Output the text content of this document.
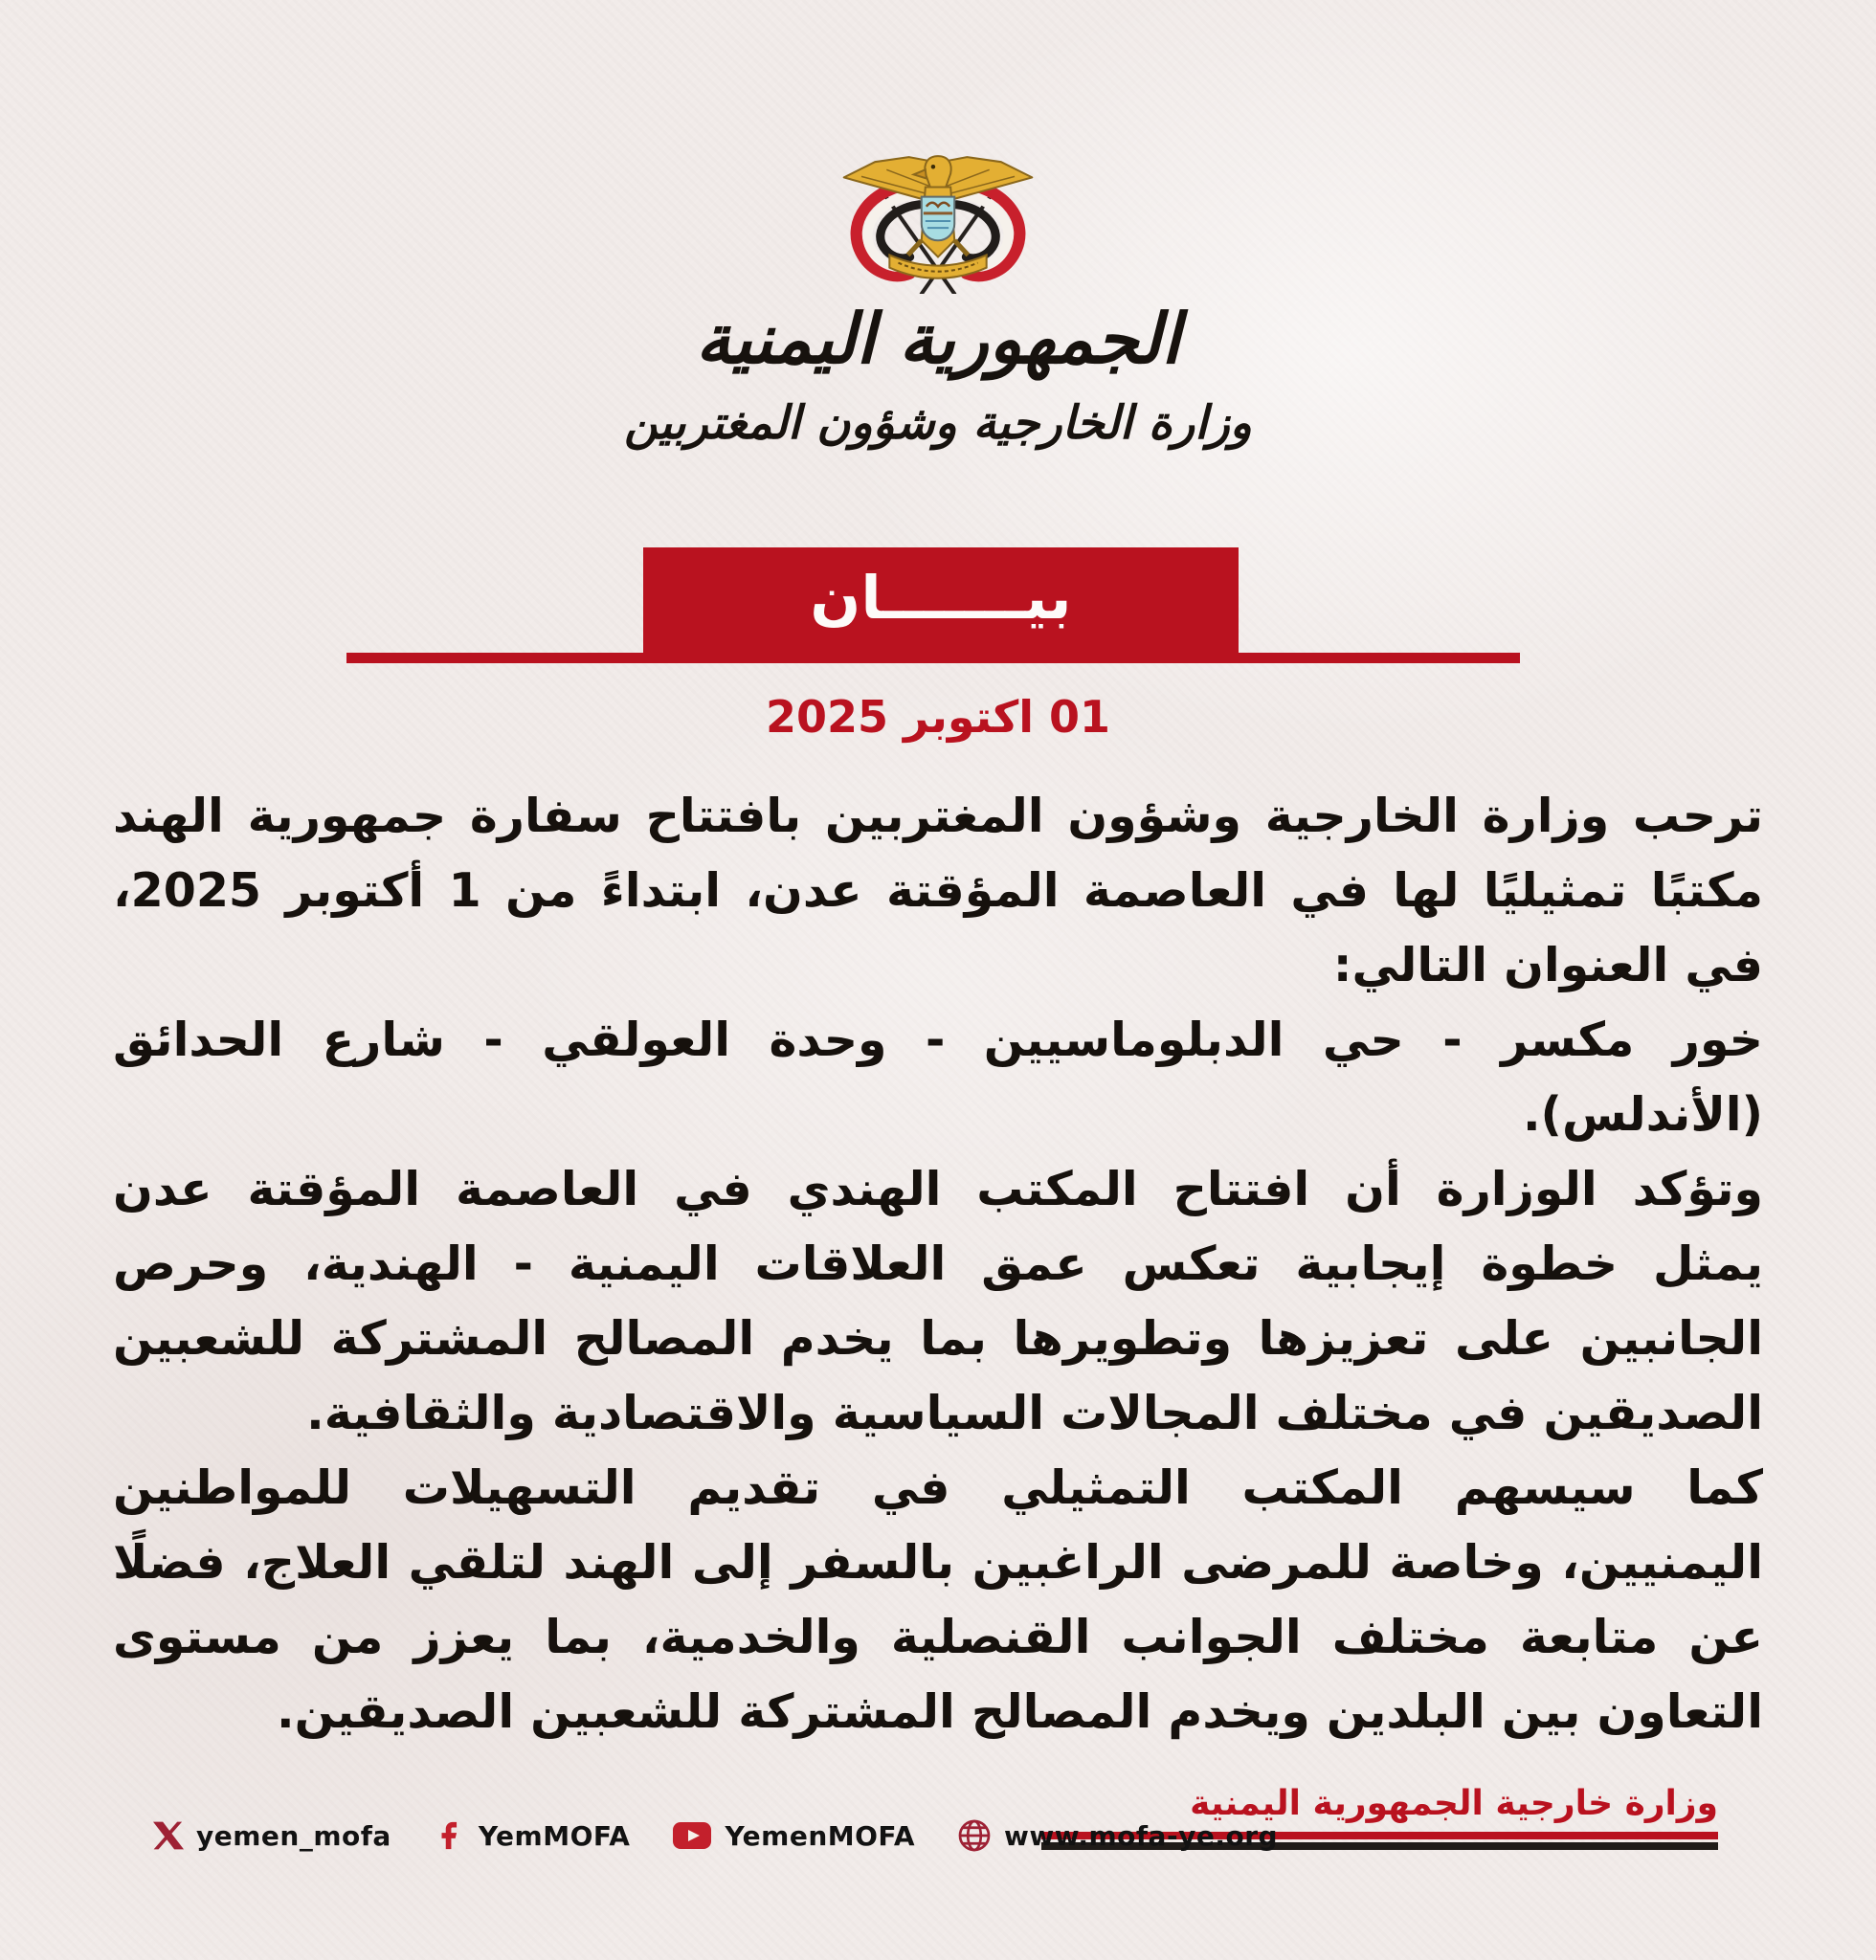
الجمهورية اليمنية
وزارة الخارجية وشؤون المغتربين
بيـــــــان
01 اكتوبر 2025
ترحب وزارة الخارجية وشؤون المغتربين بافتتاح سفارة جمهورية الهند
مكتبًا تمثيليًا لها في العاصمة المؤقتة عدن، ابتداءً من 1 أكتوبر 2025،
في العنوان التالي:
خور مكسر - حي الدبلوماسيين - وحدة العولقي - شارع الحدائق
(الأندلس).
وتؤكد الوزارة أن افتتاح المكتب الهندي في العاصمة المؤقتة عدن
يمثل خطوة إيجابية تعكس عمق العلاقات اليمنية - الهندية، وحرص
الجانبين على تعزيزها وتطويرها بما يخدم المصالح المشتركة للشعبين
الصديقين في مختلف المجالات السياسية والاقتصادية والثقافية.
كما سيسهم المكتب التمثيلي في تقديم التسهيلات للمواطنين
اليمنيين، وخاصة للمرضى الراغبين بالسفر إلى الهند لتلقي العلاج، فضلًا
عن متابعة مختلف الجوانب القنصلية والخدمية، بما يعزز من مستوى
التعاون بين البلدين ويخدم المصالح المشتركة للشعبين الصديقين.
وزارة خارجية الجمهورية اليمنية
yemen_mofa	YemMOFA	YemenMOFA	www.mofa-ye.org
